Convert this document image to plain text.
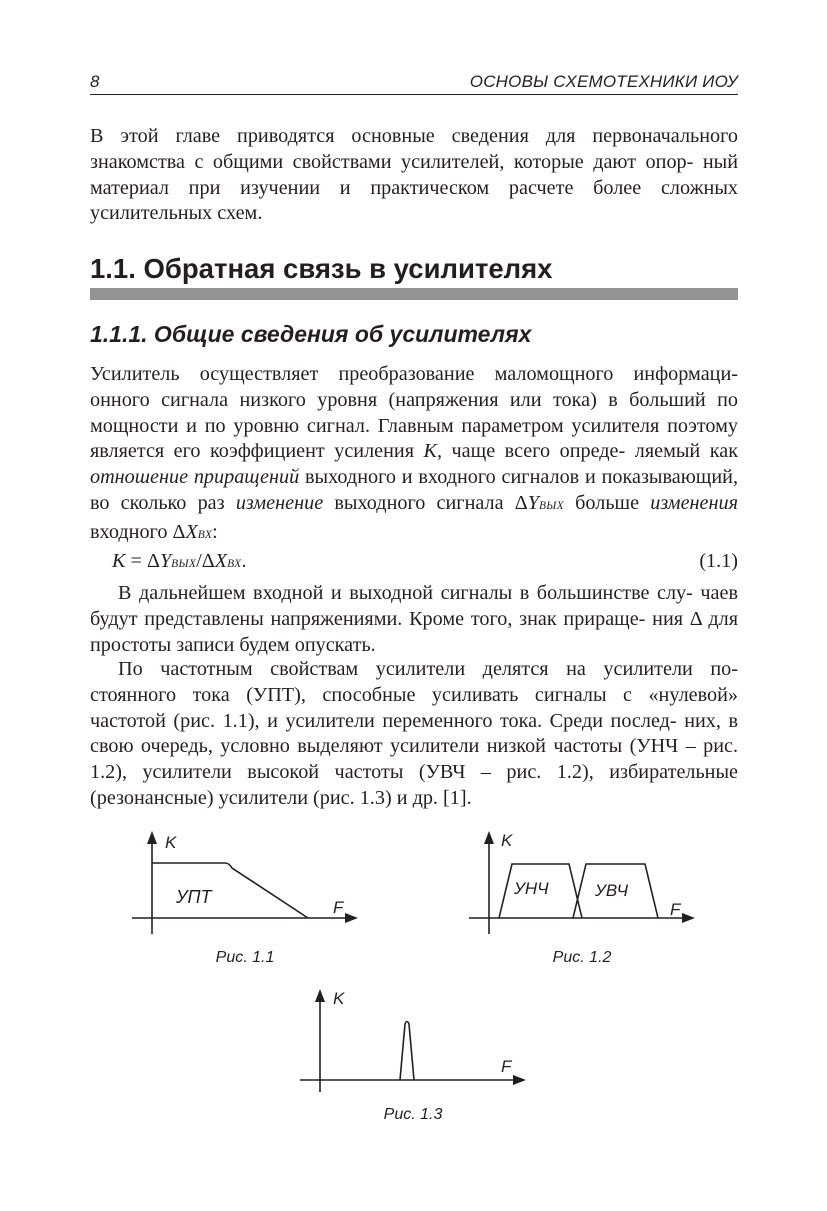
8	ОСНОВЫ СХЕМОТЕХНИКИ ИОУ

В этой главе приводятся основные сведения для первоначального знакомства с общими свойствами усилителей, которые дают опор- ный материал при изучении и практическом расчете более сложных усилительных схем.

1.1. Обратная связь в усилителях
1.1.1. Общие сведения об усилителях

Усилитель осуществляет преобразование маломощного информаци- онного сигнала низкого уровня (напряжения или тока) в больший по мощности и по уровню сигнал. Главным параметром усилителя поэтому является его коэффициент усиления K, чаще всего опреде- ляемый как отношение приращений выходного и входного сигналов и показывающий, во сколько раз изменение выходного сигнала ΔYВЫХ больше изменения входного ΔXВХ:

K = ΔYВЫХ/ΔXВХ.	(1.1)

В дальнейшем входной и выходной сигналы в большинстве слу- чаев будут представлены напряжениями. Кроме того, знак прираще- ния Δ для простоты записи будем опускать.

По частотным свойствам усилители делятся на усилители по- стоянного тока (УПТ), способные усиливать сигналы с «нулевой» частотой (рис. 1.1), и усилители переменного тока. Среди послед- них, в свою очередь, условно выделяют усилители низкой частоты (УНЧ – рис. 1.2), усилители высокой частоты (УВЧ – рис. 1.2), избирательные (резонансные) усилители (рис. 1.3) и др. [1].

K
F
УПТ
Рис. 1.1
K
F
УНЧ	УВЧ
Рис. 1.2
K
F
Рис. 1.3
